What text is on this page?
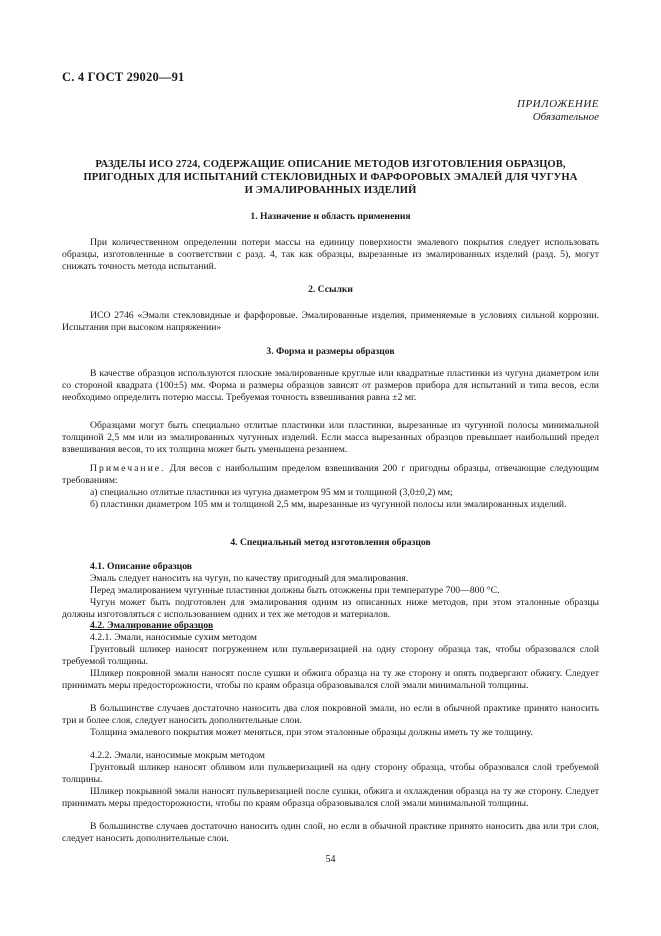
С. 4 ГОСТ 29020—91
ПРИЛОЖЕНИЕ
Обязательное
РАЗДЕЛЫ ИСО 2724, СОДЕРЖАЩИЕ ОПИСАНИЕ МЕТОДОВ ИЗГОТОВЛЕНИЯ ОБРАЗЦОВ,
ПРИГОДНЫХ ДЛЯ ИСПЫТАНИЙ СТЕКЛОВИДНЫХ И ФАРФОРОВЫХ ЭМАЛЕЙ ДЛЯ ЧУГУНА
И ЭМАЛИРОВАННЫХ ИЗДЕЛИЙ
1. Назначение и область применения
При количественном определении потери массы на единицу поверхности эмалевого покрытия следует использовать образцы, изготовленные в соответствии с разд. 4, так как образцы, вырезанные из эмалированных изделий (разд. 5), могут снижать точность метода испытаний.
2. Ссылки
ИСО 2746 «Эмали стекловидные и фарфоровые. Эмалированные изделия, применяемые в условиях сильной коррозии. Испытания при высоком напряжении»
3. Форма и размеры образцов
В качестве образцов используются плоские эмалированные круглые или квадратные пластинки из чугуна диаметром или со стороной квадрата (100±5) мм. Форма и размеры образцов зависят от размеров прибора для испытаний и типа весов, если необходимо определить потерю массы. Требуемая точность взвешивания равна ±2 мг.
Образцами могут быть специально отлитые пластинки или пластинки, вырезанные из чугунной полосы минимальной толщиной 2,5 мм или из эмалированных чугунных изделий. Если масса вырезанных образцов превышает наибольший предел взвешивания весов, то их толщина может быть уменьшена резанием.
Примечание. Для весов с наибольшим пределом взвешивания 200 г пригодны образцы, отвечающие следующим требованиям:
а) специально отлитые пластинки из чугуна диаметром 95 мм и толщиной (3,0±0,2) мм;
б) пластинки диаметром 105 мм и толщиной 2,5 мм, вырезанные из чугунной полосы или эмалированных изделий.
4. Специальный метод изготовления образцов
4.1. Описание образцов
Эмаль следует наносить на чугун, по качеству пригодный для эмалирования.
Перед эмалированием чугунные пластинки должны быть отожжены при температуре 700—800 °С.
Чугун может быть подготовлен для эмалирования одним из описанных ниже методов, при этом эталонные образцы должны изготовляться с использованием одних и тех же методов и материалов.
4.2. Эмалирование образцов
4.2.1. Эмали, наносимые сухим методом
Грунтовый шликер наносят погружением или пульверизацией на одну сторону образца так, чтобы образовался слой требуемой толщины.
Шликер покровной эмали наносят после сушки и обжига образца на ту же сторону и опять подвергают обжигу. Следует принимать меры предосторожности, чтобы по краям образца образовывался слой эмали минимальной толщины.
В большинстве случаев достаточно наносить два слоя покровной эмали, но если в обычной практике принято наносить три и более слоя, следует наносить дополнительные слои.
Толщина эмалевого покрытия может меняться, при этом эталонные образцы должны иметь ту же толщину.
4.2.2. Эмали, наносимые мокрым методом
Грунтовый шликер наносят обливом или пульверизацией на одну сторону образца, чтобы образовался слой требуемой толщины.
Шликер покрывной эмали наносят пульверизацией после сушки, обжига и охлаждения образца на ту же сторону. Следует принимать меры предосторожности, чтобы по краям образца образовывался слой эмали минимальной толщины.
В большинстве случаев достаточно наносить один слой, но если в обычной практике принято наносить два или три слоя, следует наносить дополнительные слои.
54
